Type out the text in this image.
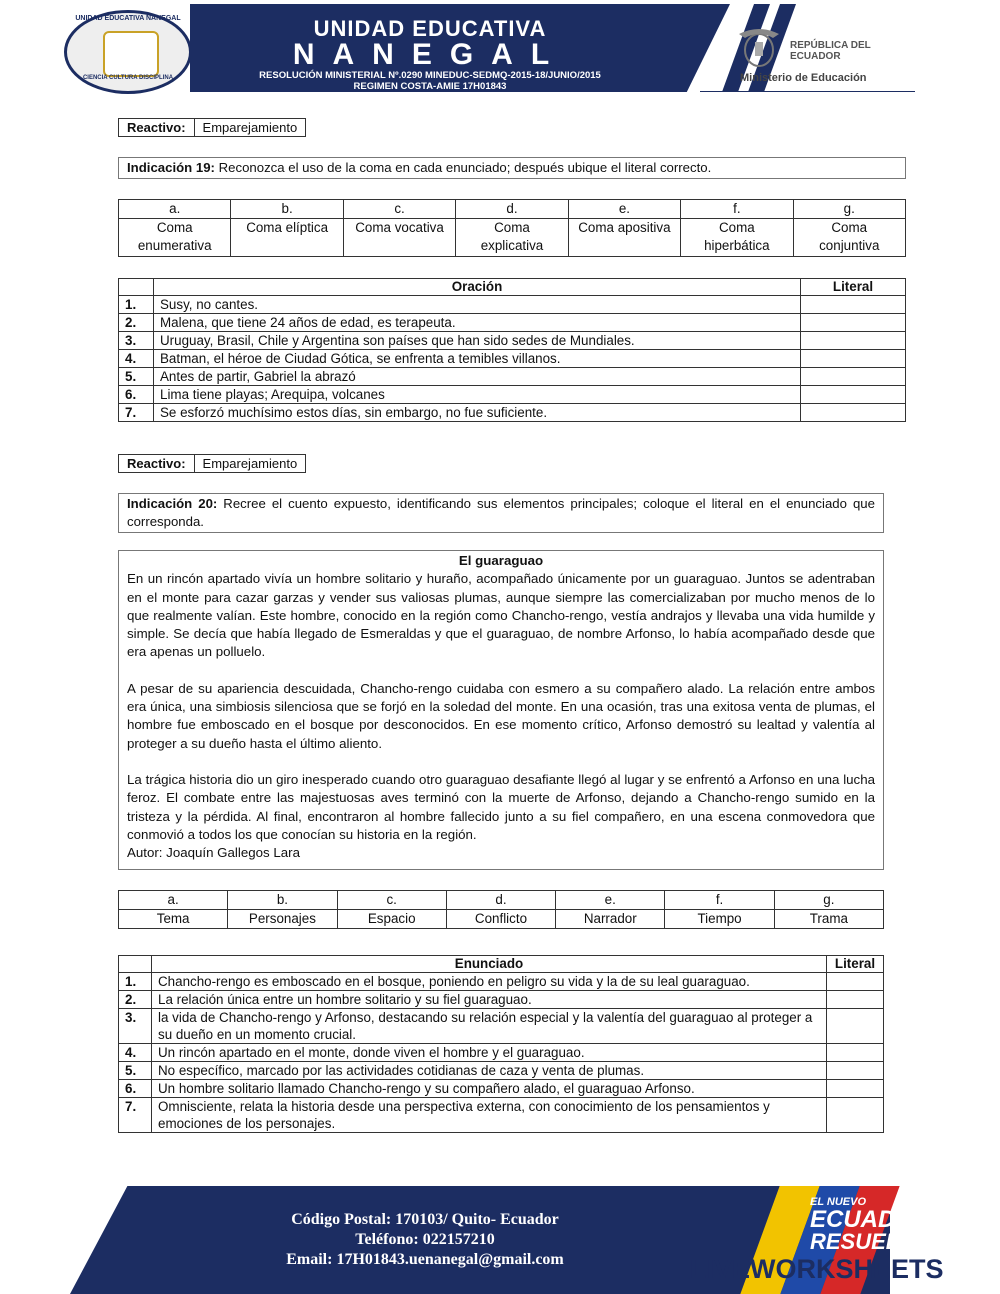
UNIDAD EDUCATIVA NANEGAL
CIENCIA CULTURA DISCIPLINA
UNIDAD EDUCATIVA
NANEGAL
RESOLUCIÓN MINISTERIAL Nº.0290 MINEDUC-SEDMQ-2015-18/JUNIO/2015
REGIMEN COSTA-AMIE 17H01843
REPÚBLICA DEL ECUADOR
Ministerio de Educación
Reactivo:	Emparejamiento
Indicación 19: Reconozca el uso de la coma en cada enunciado; después ubique el literal correcto.
a.	b.	c.	d.	e.	f.	g.
Coma enumerativa	Coma elíptica	Coma vocativa	Coma explicativa	Coma apositiva	Coma hiperbática	Coma conjuntiva
	Oración	Literal
1.	Susy, no cantes.	
2.	Malena, que tiene 24 años de edad, es terapeuta.	
3.	Uruguay, Brasil, Chile y Argentina son países que han sido sedes de Mundiales.	
4.	Batman, el héroe de Ciudad Gótica, se enfrenta a temibles villanos.	
5.	Antes de partir, Gabriel la abrazó	
6.	Lima tiene playas; Arequipa, volcanes	
7.	Se esforzó muchísimo estos días, sin embargo, no fue suficiente.	
Reactivo:	Emparejamiento
Indicación 20: Recree el cuento expuesto, identificando sus elementos principales; coloque el literal en el enunciado que corresponda.
El guaraguao

En un rincón apartado vivía un hombre solitario y huraño, acompañado únicamente por un guaraguao. Juntos se adentraban en el monte para cazar garzas y vender sus valiosas plumas, aunque siempre las comercializaban por mucho menos de lo que realmente valían. Este hombre, conocido en la región como Chancho-rengo, vestía andrajos y llevaba una vida humilde y simple. Se decía que había llegado de Esmeraldas y que el guaraguao, de nombre Arfonso, lo había acompañado desde que era apenas un polluelo.

A pesar de su apariencia descuidada, Chancho-rengo cuidaba con esmero a su compañero alado. La relación entre ambos era única, una simbiosis silenciosa que se forjó en la soledad del monte. En una ocasión, tras una exitosa venta de plumas, el hombre fue emboscado en el bosque por desconocidos. En ese momento crítico, Arfonso demostró su lealtad y valentía al proteger a su dueño hasta el último aliento.

La trágica historia dio un giro inesperado cuando otro guaraguao desafiante llegó al lugar y se enfrentó a Arfonso en una lucha feroz. El combate entre las majestuosas aves terminó con la muerte de Arfonso, dejando a Chancho-rengo sumido en la tristeza y la pérdida. Al final, encontraron al hombre fallecido junto a su fiel compañero, en una escena conmovedora que conmovió a todos los que conocían su historia en la región.

Autor: Joaquín Gallegos Lara

a.	b.	c.	d.	e.	f.	g.
Tema	Personajes	Espacio	Conflicto	Narrador	Tiempo	Trama
	Enunciado	Literal
1.	Chancho-rengo es emboscado en el bosque, poniendo en peligro su vida y la de su leal guaraguao.	
2.	La relación única entre un hombre solitario y su fiel guaraguao.	
3.	la vida de Chancho-rengo y Arfonso, destacando su relación especial y la valentía del guaraguao al proteger a su dueño en un momento crucial.	
4.	Un rincón apartado en el monte, donde viven el hombre y el guaraguao.	
5.	No específico, marcado por las actividades cotidianas de caza y venta de plumas.	
6.	Un hombre solitario llamado Chancho-rengo y su compañero alado, el guaraguao Arfonso.	
7.	Omnisciente, relata la historia desde una perspectiva externa, con conocimiento de los pensamientos y emociones de los personajes.	
Código Postal: 170103/ Quito- Ecuador
Teléfono: 022157210
Email: 17H01843.uenanegal@gmail.com
EL NUEVO
ECUADOR
RESUELVE
LIVEWORKSHEETS
